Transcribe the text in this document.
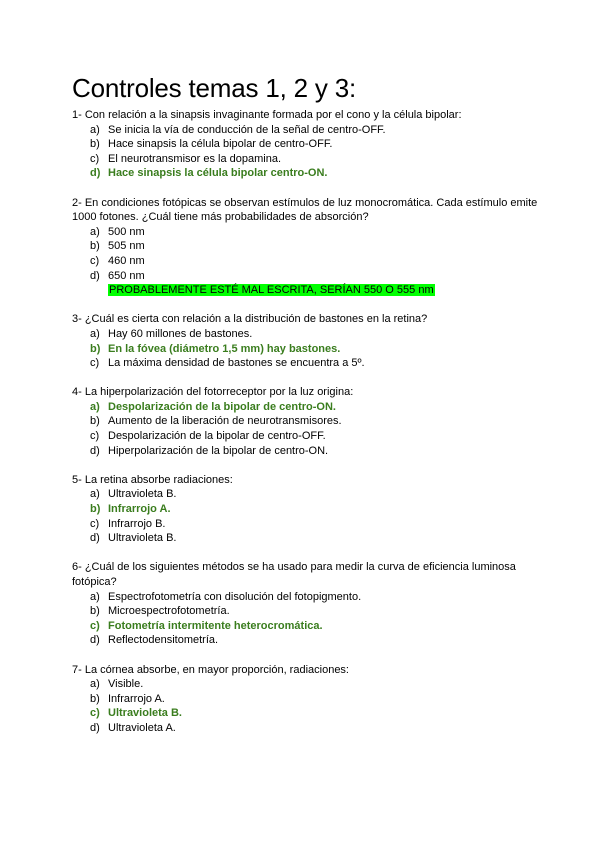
Controles temas 1, 2 y 3:

1- Con relación a la sinapsis invaginante formada por el cono y la célula bipolar:

a) Se inicia la vía de conducción de la señal de centro-OFF.
b) Hace sinapsis la célula bipolar de centro-OFF.
c) El neurotransmisor es la dopamina.
d) Hace sinapsis la célula bipolar centro-ON.

2- En condiciones fotópicas se observan estímulos de luz monocromática. Cada estímulo emite 1000 fotones. ¿Cuál tiene más probabilidades de absorción?

a) 500 nm
b) 505 nm
c) 460 nm
d) 650 nm
PROBABLEMENTE ESTÉ MAL ESCRITA, SERÍAN 550 O 555 nm

3- ¿Cuál es cierta con relación a la distribución de bastones en la retina?

a) Hay 60 millones de bastones.
b) En la fóvea (diámetro 1,5 mm) hay bastones.
c) La máxima densidad de bastones se encuentra a 5º.

4- La hiperpolarización del fotorreceptor por la luz origina:

a) Despolarización de la bipolar de centro-ON.
b) Aumento de la liberación de neurotransmisores.
c) Despolarización de la bipolar de centro-OFF.
d) Hiperpolarización de la bipolar de centro-ON.

5- La retina absorbe radiaciones:

a) Ultravioleta B.
b) Infrarrojo A.
c) Infrarrojo B.
d) Ultravioleta B.

6- ¿Cuál de los siguientes métodos se ha usado para medir la curva de eficiencia luminosa fotópica?

a) Espectrofotometría con disolución del fotopigmento.
b) Microespectrofotometría.
c) Fotometría intermitente heterocromática.
d) Reflectodensitometría.

7- La córnea absorbe, en mayor proporción, radiaciones:

a) Visible.
b) Infrarrojo A.
c) Ultravioleta B.
d) Ultravioleta A.
